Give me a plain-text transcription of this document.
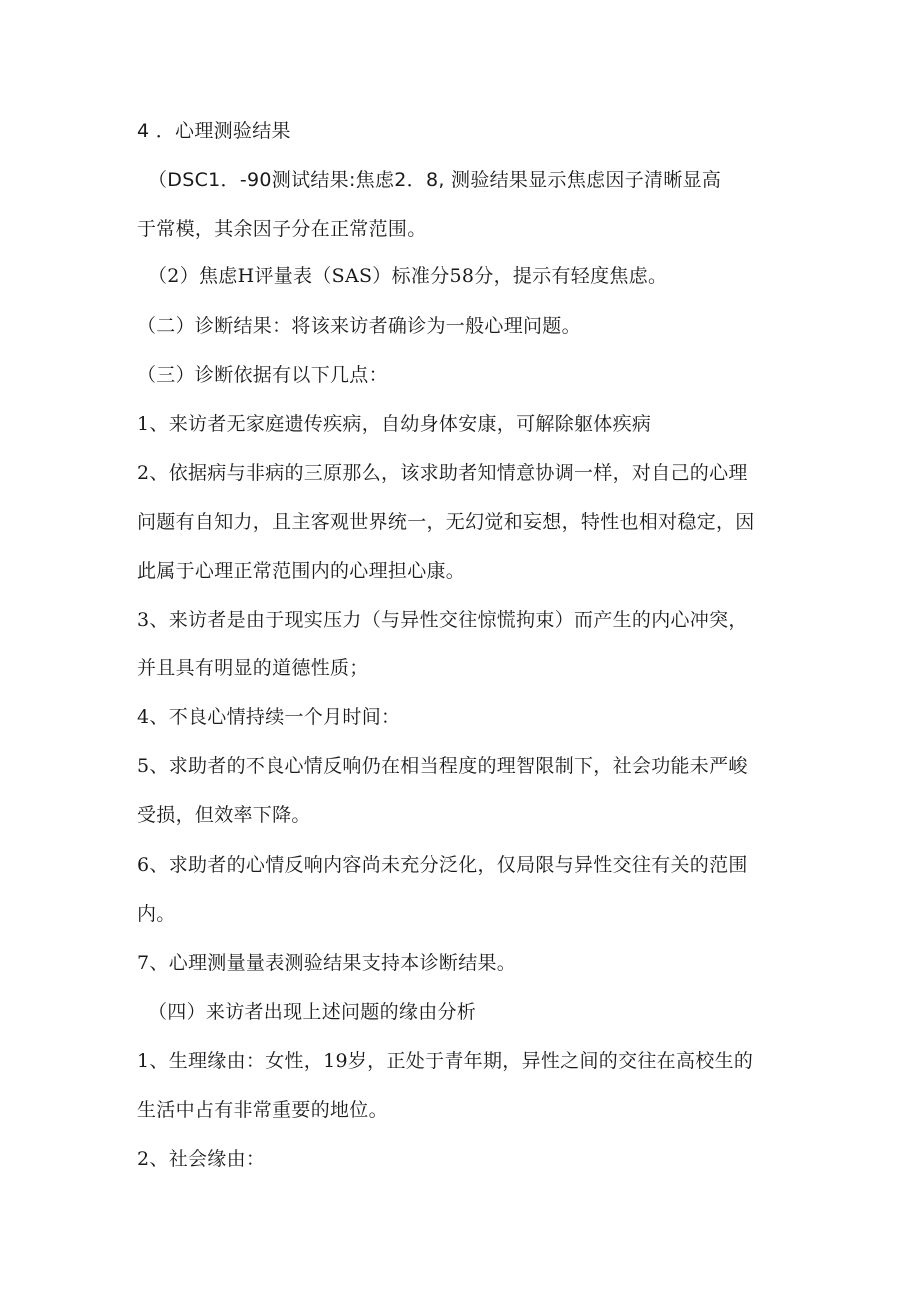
4 ．心理测验结果
（DSC1．-90测试结果:焦虑2．8, 测验结果显示焦虑因子清晰显高
于常模，其余因子分在正常范围。
（2）焦虑H评量表（SAS）标准分58分，提示有轻度焦虑。
（二）诊断结果：将该来访者确诊为一般心理问题。
（三）诊断依据有以下几点：
1、来访者无家庭遗传疾病，自幼身体安康，可解除躯体疾病
2、依据病与非病的三原那么，该求助者知情意协调一样，对自己的心理
问题有自知力，且主客观世界统一，无幻觉和妄想，特性也相对稳定，因
此属于心理正常范围内的心理担心康。
3、来访者是由于现实压力（与异性交往惊慌拘束）而产生的内心冲突，
并且具有明显的道德性质；
4、不良心情持续一个月时间：
5、求助者的不良心情反响仍在相当程度的理智限制下，社会功能未严峻
受损，但效率下降。
6、求助者的心情反响内容尚未充分泛化，仅局限与异性交往有关的范围
内。
7、心理测量量表测验结果支持本诊断结果。
（四）来访者出现上述问题的缘由分析
1、生理缘由：女性，19岁，正处于青年期，异性之间的交往在高校生的
生活中占有非常重要的地位。
2、社会缘由：
